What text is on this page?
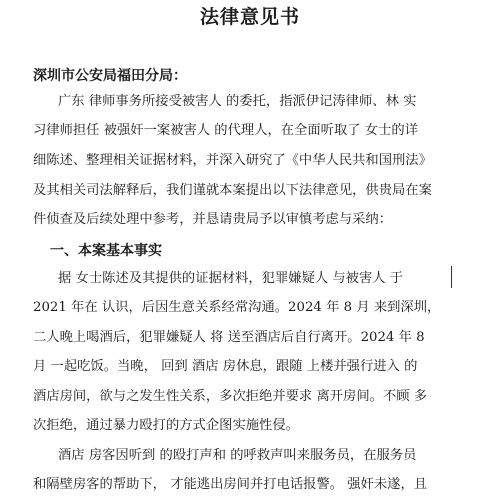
法律意见书
深圳市公安局福田分局：
广东 律师事务所接受被害人 的委托，指派伊记涛律师、林 实
习律师担任 被强奸一案被害人 的代理人，在全面听取了 女士的详
细陈述、整理相关证据材料，并深入研究了《中华人民共和国刑法》
及其相关司法解释后，我们谨就本案提出以下法律意见，供贵局在案
件侦查及后续处理中参考，并恳请贵局予以审慎考虑与采纳：
一、本案基本事实
据 女士陈述及其提供的证据材料，犯罪嫌疑人 与被害人 于
2021 年在 认识，后因生意关系经常沟通。2024 年 8 月 来到深圳，
二人晚上喝酒后，犯罪嫌疑人 将 送至酒店后自行离开。2024 年 8
月 一起吃饭。当晚， 回到 酒店 房休息，跟随 上楼并强行进入 的
酒店房间，欲与之发生性关系，多次拒绝并要求 离开房间。不顾 多
次拒绝，通过暴力殴打的方式企图实施性侵。
酒店 房客因听到 的殴打声和 的呼救声叫来服务员，在服务员
和隔壁房客的帮助下， 才能逃出房间并打电话报警。 强奸未遂，且
